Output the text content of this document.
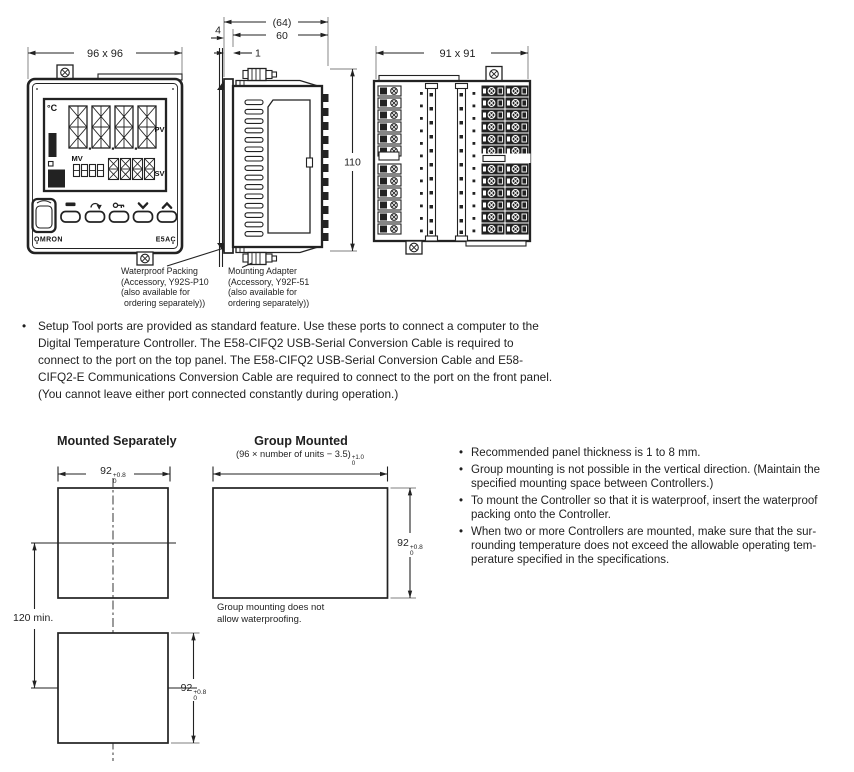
96 x 96
°C
PV
MV
SV
OMRON	E5AC
(64)
60
4
1
110
91 x 91
Waterproof Packing
(Accessory, Y92S-P10
(also available for
ordering separately))
Mounting Adapter
(Accessory, Y92F-51
(also available for
ordering separately))
• Setup Tool ports are provided as standard feature. Use these ports to connect a computer to the
Digital Temperature Controller. The E58-CIFQ2 USB-Serial Conversion Cable is required to
connect to the port on the top panel. The E58-CIFQ2 USB-Serial Conversion Cable and E58-
CIFQ2-E Communications Conversion Cable are required to connect to the port on the front panel.
(You cannot leave either port connected constantly during operation.)
Mounted Separately	Group Mounted
(96 × number of units − 3.5) +1.0
0
92 +0.8
0
120 min.
92 +0.8
0
92 +0.8
0
Group mounting does not
allow waterproofing.
• Recommended panel thickness is 1 to 8 mm.
• Group mounting is not possible in the vertical direction. (Maintain the
specified mounting space between Controllers.)
• To mount the Controller so that it is waterproof, insert the waterproof
packing onto the Controller.
• When two or more Controllers are mounted, make sure that the sur-
rounding temperature does not exceed the allowable operating tem-
perature specified in the specifications.
